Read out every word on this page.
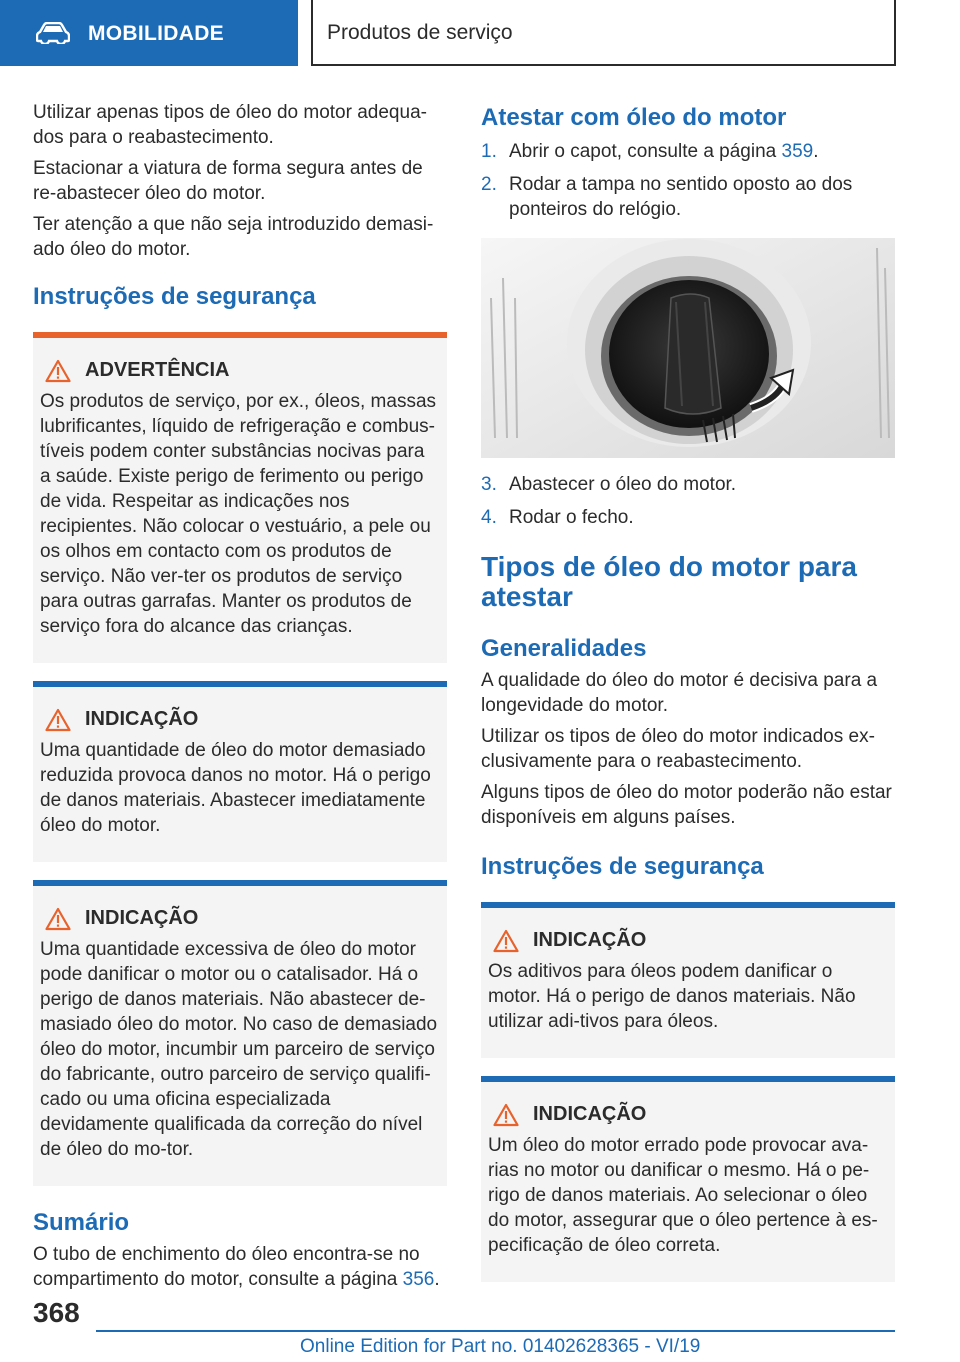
MOBILIDADE	Produtos de serviço

Utilizar apenas tipos de óleo do motor adequa-dos para o reabastecimento.

Estacionar a viatura de forma segura antes de re-abastecer óleo do motor.

Ter atenção a que não seja introduzido demasi-ado óleo do motor.

Instruções de segurança
ADVERTÊNCIA

Os produtos de serviço, por ex., óleos, massas lubrificantes, líquido de refrigeração e combus-tíveis podem conter substâncias nocivas para a saúde. Existe perigo de ferimento ou perigo de vida. Respeitar as indicações nos recipientes. Não colocar o vestuário, a pele ou os olhos em contacto com os produtos de serviço. Não ver-ter os produtos de serviço para outras garrafas. Manter os produtos de serviço fora do alcance das crianças.

INDICAÇÃO

Uma quantidade de óleo do motor demasiado reduzida provoca danos no motor. Há o perigo de danos materiais. Abastecer imediatamente óleo do motor.

INDICAÇÃO

Uma quantidade excessiva de óleo do motor pode danificar o motor ou o catalisador. Há o perigo de danos materiais. Não abastecer de-masiado óleo do motor. No caso de demasiado óleo do motor, incumbir um parceiro de serviço do fabricante, outro parceiro de serviço qualifi-cado ou uma oficina especializada devidamente qualificada da correção do nível de óleo do mo-tor.

Sumário

O tubo de enchimento do óleo encontra-se no compartimento do motor, consulte a página 356.

Atestar com óleo do motor
1. Abrir o capot, consulte a página 359.
2. Rodar a tampa no sentido oposto ao dos ponteiros do relógio.
3. Abastecer o óleo do motor.
4. Rodar o fecho.
Tipos de óleo do motor para atestar
Generalidades

A qualidade do óleo do motor é decisiva para a longevidade do motor.

Utilizar os tipos de óleo do motor indicados ex-clusivamente para o reabastecimento.

Alguns tipos de óleo do motor poderão não estar disponíveis em alguns países.

Instruções de segurança
INDICAÇÃO

Os aditivos para óleos podem danificar o motor. Há o perigo de danos materiais. Não utilizar adi-tivos para óleos.

INDICAÇÃO

Um óleo do motor errado pode provocar ava-rias no motor ou danificar o mesmo. Há o pe-rigo de danos materiais. Ao selecionar o óleo do motor, assegurar que o óleo pertence à es-pecificação de óleo correta.

368
Online Edition for Part no. 01402628365 - VI/19
